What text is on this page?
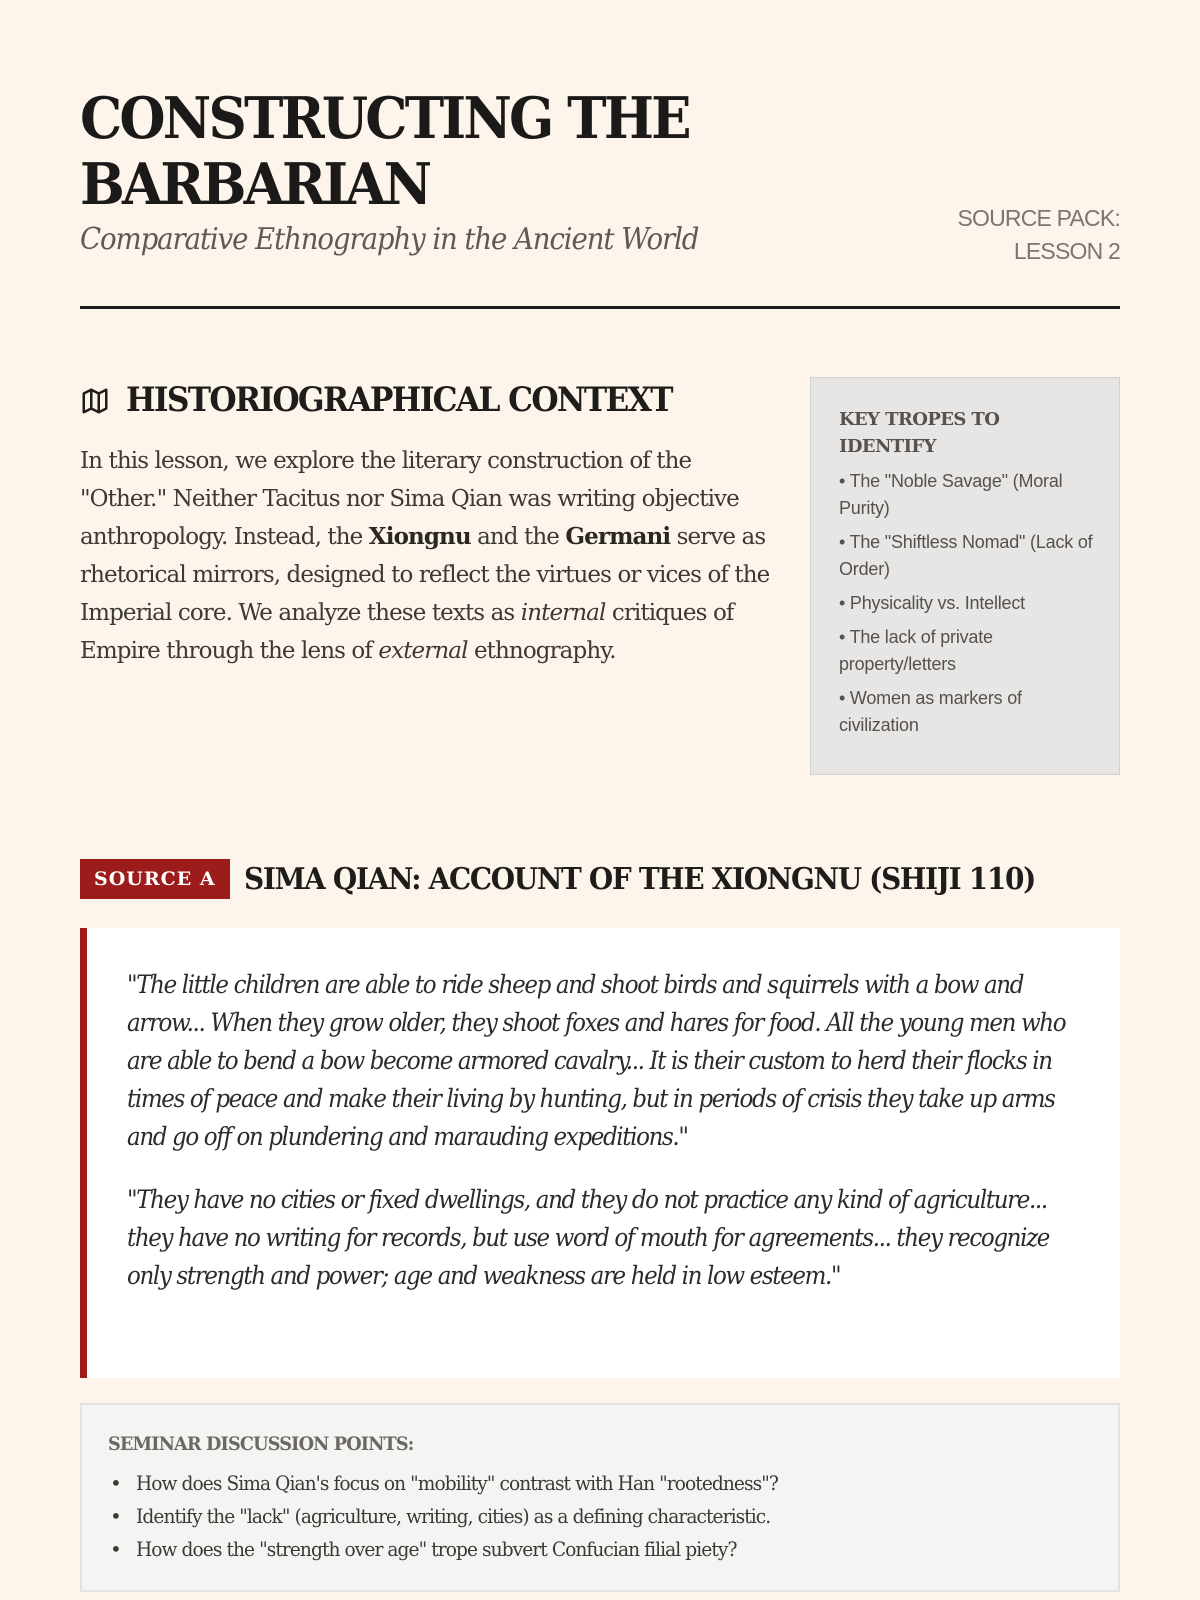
CONSTRUCTING THE
BARBARIAN
Comparative Ethnography in the Ancient World
SOURCE PACK:
LESSON 2
HISTORIOGRAPHICAL CONTEXT

In this lesson, we explore the literary construction of the "Other." Neither Tacitus nor Sima Qian was writing objective anthropology. Instead, the Xiongnu and the Germani serve as rhetorical mirrors, designed to reflect the virtues or vices of the Imperial core. We analyze these texts as internal critiques of Empire through the lens of external ethnography.

KEY TROPES TO IDENTIFY
• The "Noble Savage" (Moral Purity)
• The "Shiftless Nomad" (Lack of Order)
• Physicality vs. Intellect
• The lack of private property/letters
• Women as markers of civilization
SOURCE A SIMA QIAN: ACCOUNT OF THE XIONGNU (SHIJI 110)

"The little children are able to ride sheep and shoot birds and squirrels with a bow and arrow... When they grow older, they shoot foxes and hares for food. All the young men who are able to bend a bow become armored cavalry... It is their custom to herd their flocks in times of peace and make their living by hunting, but in periods of crisis they take up arms and go off on plundering and marauding expeditions."

"They have no cities or fixed dwellings, and they do not practice any kind of agriculture... they have no writing for records, but use word of mouth for agreements... they recognize only strength and power; age and weakness are held in low esteem."

SEMINAR DISCUSSION POINTS:
• How does Sima Qian's focus on "mobility" contrast with Han "rootedness"?
• Identify the "lack" (agriculture, writing, cities) as a defining characteristic.
• How does the "strength over age" trope subvert Confucian filial piety?
